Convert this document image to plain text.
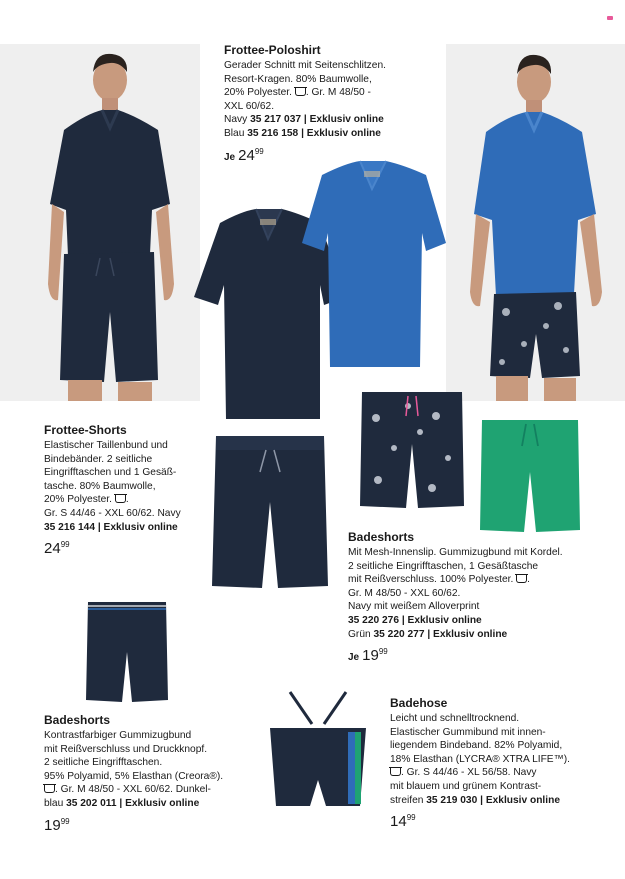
Frottee-Poloshirt
Gerader Schnitt mit Seitenschlitzen.
Resort-Kragen. 80% Baumwolle,
20% Polyester. . Gr. M 48/50 -
XXL 60/62.
Navy 35 217 037 | Exklusiv online
Blau 35 216 158 | Exklusiv online
Je $24^{99}$
Frottee-Shorts
Elastischer Taillenbund und
Bindebänder. 2 seitliche
Eingrifftaschen und 1 Gesäß-
tasche. 80% Baumwolle,
20% Polyester. .
Gr. S 44/46 - XXL 60/62. Navy
35 216 144 | Exklusiv online
$24^{99}$
Badeshorts
Mit Mesh-Innenslip. Gummizugbund mit Kordel.
2 seitliche Eingrifftaschen, 1 Gesäßtasche
mit Reißverschluss. 100% Polyester. .
Gr. M 48/50 - XXL 60/62.
Navy mit weißem Alloverprint
35 220 276 | Exklusiv online
Grün 35 220 277 | Exklusiv online
Je $19^{99}$
Badeshorts
Kontrastfarbiger Gummizugbund
mit Reißverschluss und Druckknopf.
2 seitliche Eingrifftaschen.
95% Polyamid, 5% Elasthan (Creora®).
. Gr. M 48/50 - XXL 60/62. Dunkel-
blau 35 202 011 | Exklusiv online
$19^{99}$
Badehose
Leicht und schnelltrocknend.
Elastischer Gummibund mit innen-
liegendem Bindeband. 82% Polyamid,
18% Elasthan (LYCRA® XTRA LIFE™).
. Gr. S 44/46 - XL 56/58. Navy
mit blauem und grünem Kontrast-
streifen 35 219 030 | Exklusiv online
$14^{99}$
